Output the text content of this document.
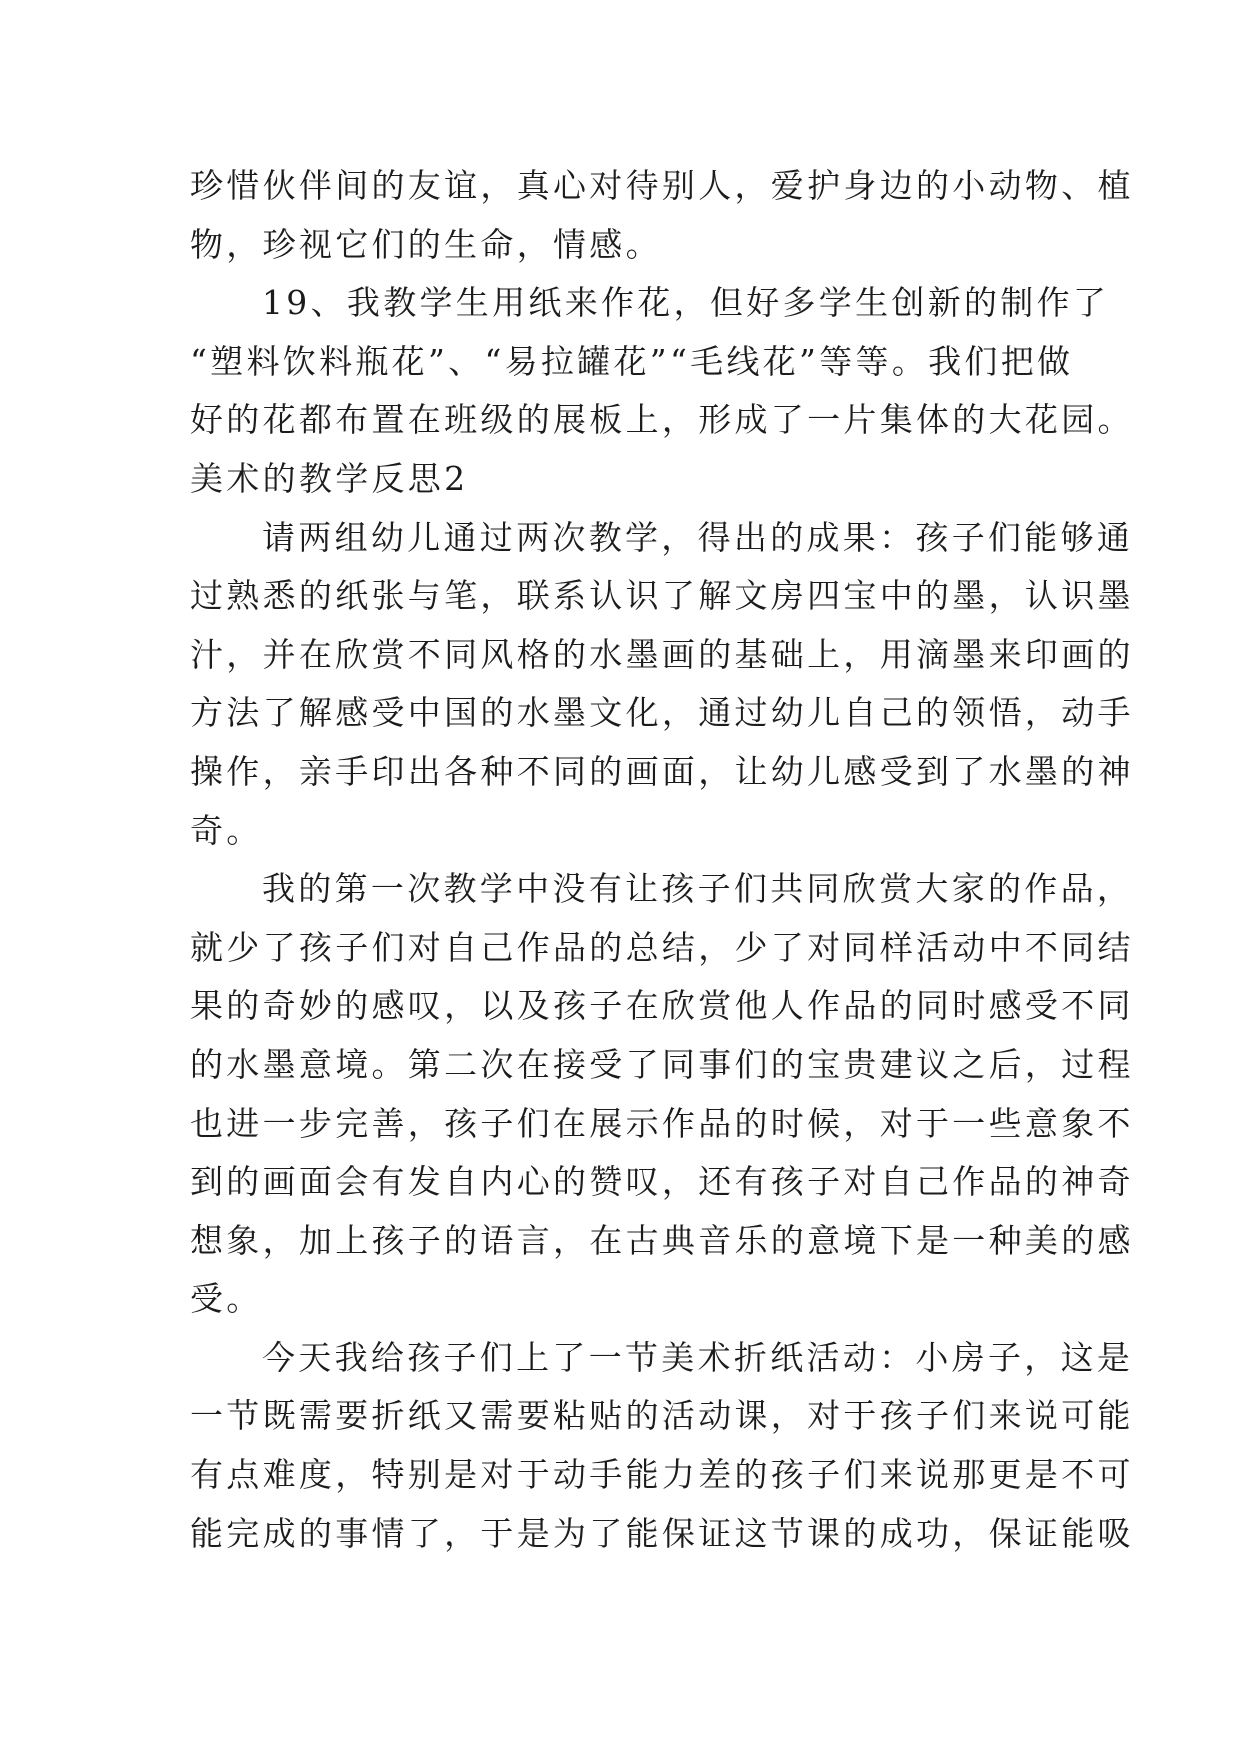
珍惜伙伴间的友谊，真心对待别人，爱护身边的小动物、植
物，珍视它们的生命，情感。
19、我教学生用纸来作花，但好多学生创新的制作了
“塑料饮料瓶花”、“易拉罐花”“毛线花”等等。我们把做
好的花都布置在班级的展板上，形成了一片集体的大花园。
美术的教学反思2
请两组幼儿通过两次教学，得出的成果：孩子们能够通
过熟悉的纸张与笔，联系认识了解文房四宝中的墨，认识墨
汁，并在欣赏不同风格的水墨画的基础上，用滴墨来印画的
方法了解感受中国的水墨文化，通过幼儿自己的领悟，动手
操作，亲手印出各种不同的画面，让幼儿感受到了水墨的神
奇。
我的第一次教学中没有让孩子们共同欣赏大家的作品，
就少了孩子们对自己作品的总结，少了对同样活动中不同结
果的奇妙的感叹，以及孩子在欣赏他人作品的同时感受不同
的水墨意境。第二次在接受了同事们的宝贵建议之后，过程
也进一步完善，孩子们在展示作品的时候，对于一些意象不
到的画面会有发自内心的赞叹，还有孩子对自己作品的神奇
想象，加上孩子的语言，在古典音乐的意境下是一种美的感
受。
今天我给孩子们上了一节美术折纸活动：小房子，这是
一节既需要折纸又需要粘贴的活动课，对于孩子们来说可能
有点难度，特别是对于动手能力差的孩子们来说那更是不可
能完成的事情了，于是为了能保证这节课的成功，保证能吸
